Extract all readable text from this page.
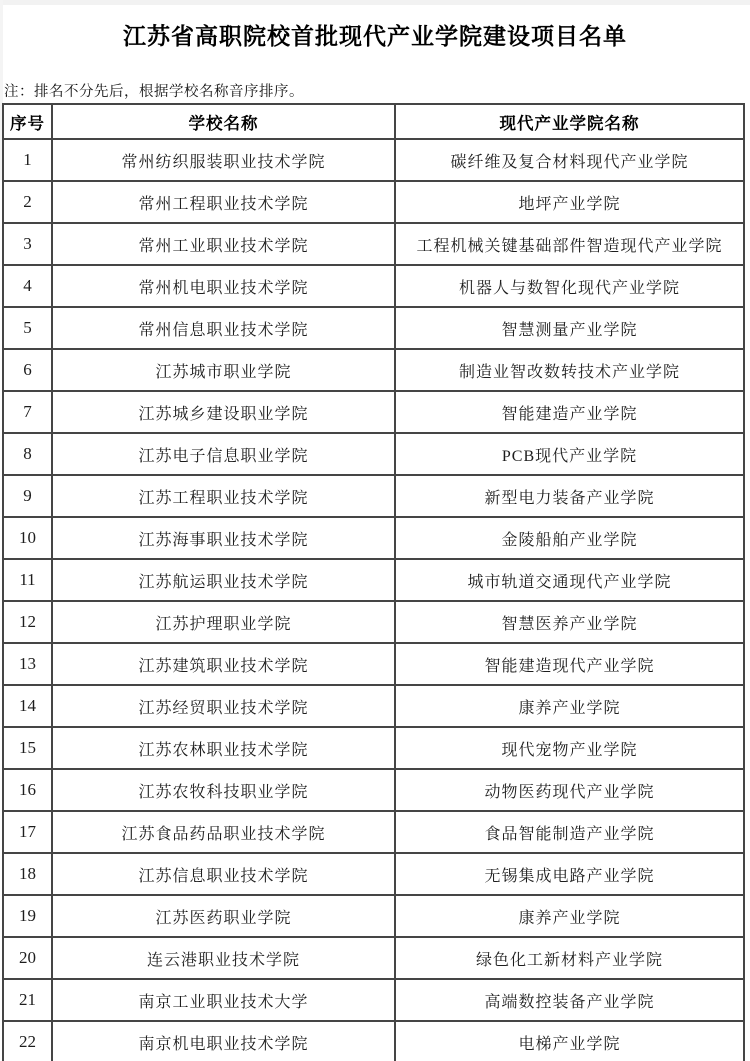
江苏省高职院校首批现代产业学院建设项目名单

注：排名不分先后，根据学校名称音序排序。

序号	学校名称	现代产业学院名称
1	常州纺织服装职业技术学院	碳纤维及复合材料现代产业学院
2	常州工程职业技术学院	地坪产业学院
3	常州工业职业技术学院	工程机械关键基础部件智造现代产业学院
4	常州机电职业技术学院	机器人与数智化现代产业学院
5	常州信息职业技术学院	智慧测量产业学院
6	江苏城市职业学院	制造业智改数转技术产业学院
7	江苏城乡建设职业学院	智能建造产业学院
8	江苏电子信息职业学院	PCB现代产业学院
9	江苏工程职业技术学院	新型电力装备产业学院
10	江苏海事职业技术学院	金陵船舶产业学院
11	江苏航运职业技术学院	城市轨道交通现代产业学院
12	江苏护理职业学院	智慧医养产业学院
13	江苏建筑职业技术学院	智能建造现代产业学院
14	江苏经贸职业技术学院	康养产业学院
15	江苏农林职业技术学院	现代宠物产业学院
16	江苏农牧科技职业学院	动物医药现代产业学院
17	江苏食品药品职业技术学院	食品智能制造产业学院
18	江苏信息职业技术学院	无锡集成电路产业学院
19	江苏医药职业学院	康养产业学院
20	连云港职业技术学院	绿色化工新材料产业学院
21	南京工业职业技术大学	高端数控装备产业学院
22	南京机电职业技术学院	电梯产业学院
